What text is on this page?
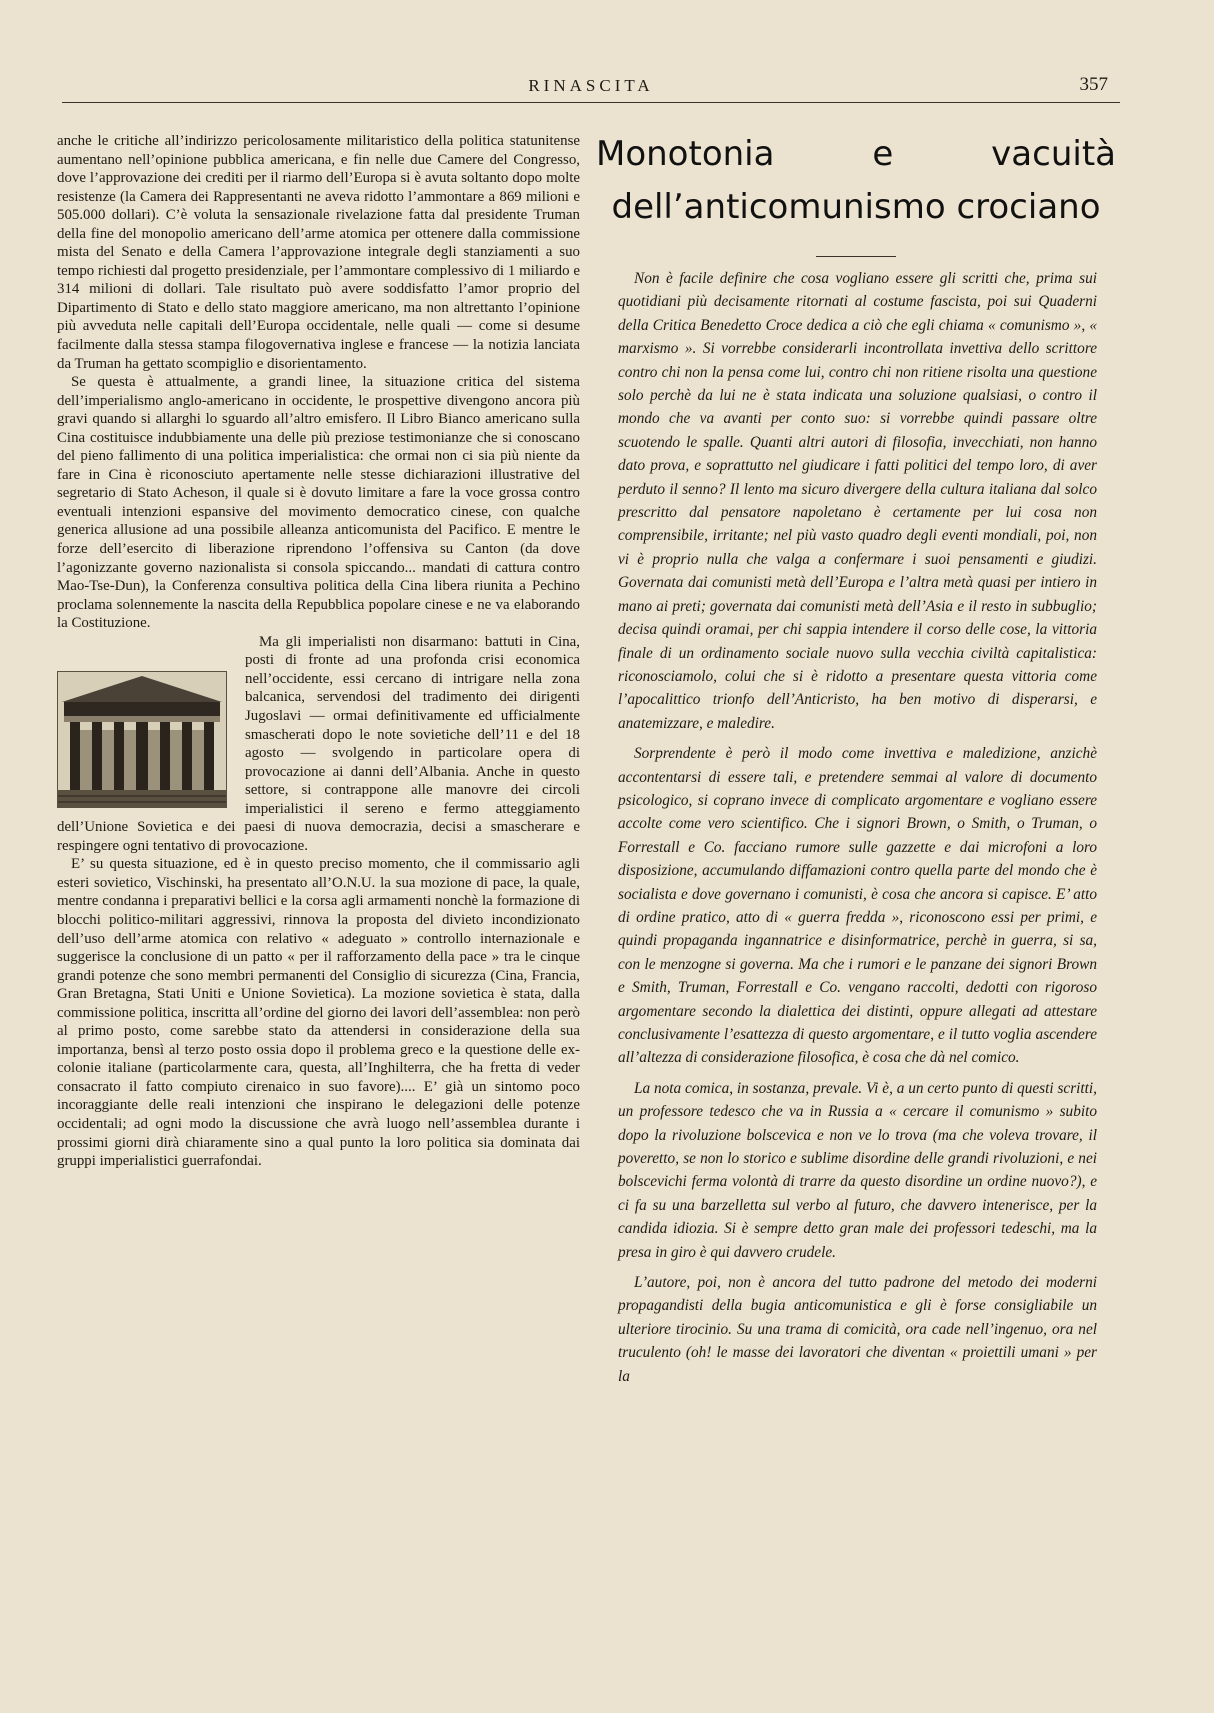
RINASCITA	357

anche le critiche all’indirizzo pericolosamente militaristico della politica statunitense aumentano nell’opinione pubblica americana, e fin nelle due Camere del Congresso, dove l’approvazione dei crediti per il riarmo dell’Europa si è avuta soltanto dopo molte resistenze (la Camera dei Rappresentanti ne aveva ridotto l’ammontare a 869 milioni e 505.000 dollari). C’è voluta la sensazionale rivelazione fatta dal presidente Truman della fine del monopolio americano dell’arme atomica per ottenere dalla commissione mista del Senato e della Camera l’approvazione integrale degli stanziamenti a suo tempo richiesti dal progetto presidenziale, per l’ammontare complessivo di 1 miliardo e 314 milioni di dollari. Tale risultato può avere soddisfatto l’amor proprio del Dipartimento di Stato e dello stato maggiore americano, ma non altrettanto l’opinione più avveduta nelle capitali dell’Europa occidentale, nelle quali — come si desume facilmente dalla stessa stampa filogovernativa inglese e francese — la notizia lanciata da Truman ha gettato scompiglio e disorientamento.

Se questa è attualmente, a grandi linee, la situazione critica del sistema dell’imperialismo anglo-americano in occidente, le prospettive divengono ancora più gravi quando si allarghi lo sguardo all’altro emisfero. Il Libro Bianco americano sulla Cina costituisce indubbiamente una delle più preziose testimonianze che si conoscano del pieno fallimento di una politica imperialistica: che ormai non ci sia più niente da fare in Cina è riconosciuto apertamente nelle stesse dichiarazioni illustrative del segretario di Stato Acheson, il quale si è dovuto limitare a fare la voce grossa contro eventuali intenzioni espansive del movimento democratico cinese, con qualche generica allusione ad una possibile alleanza anticomunista del Pacifico. E mentre le forze dell’esercito di liberazione riprendono l’offensiva su Canton (da dove l’agonizzante governo nazionalista si consola spiccando... mandati di cattura contro Mao-Tse-Dun), la Conferenza consultiva politica della Cina libera riunita a Pechino proclama solennemente la nascita della Repubblica popolare cinese e ne va elaborando la Costituzione.

Ma gli imperialisti non disarmano: battuti in Cina, posti di fronte ad una profonda crisi economica nell’occidente, essi cercano di intrigare nella zona balcanica, servendosi del tradimento dei dirigenti Jugoslavi — ormai definitivamente ed ufficialmente smascherati dopo le note sovietiche dell’11 e del 18 agosto — svolgendo in particolare opera di provocazione ai danni dell’Albania. Anche in questo settore, si contrappone alle manovre dei circoli imperialistici il sereno e fermo atteggiamento dell’Unione Sovietica e dei paesi di nuova democrazia, decisi a smascherare e respingere ogni tentativo di provocazione.

E’ su questa situazione, ed è in questo preciso momento, che il commissario agli esteri sovietico, Vischinski, ha presentato all’O.N.U. la sua mozione di pace, la quale, mentre condanna i preparativi bellici e la corsa agli armamenti nonchè la formazione di blocchi politico-militari aggressivi, rinnova la proposta del divieto incondizionato dell’uso dell’arme atomica con relativo « adeguato » controllo internazionale e suggerisce la conclusione di un patto « per il rafforzamento della pace » tra le cinque grandi potenze che sono membri permanenti del Consiglio di sicurezza (Cina, Francia, Gran Bretagna, Stati Uniti e Unione Sovietica). La mozione sovietica è stata, dalla commissione politica, inscritta all’ordine del giorno dei lavori dell’assemblea: non però al primo posto, come sarebbe stato da attendersi in considerazione della sua importanza, bensì al terzo posto ossia dopo il problema greco e la questione delle ex-colonie italiane (particolarmente cara, questa, all’Inghilterra, che ha fretta di veder consacrato il fatto compiuto cirenaico in suo favore).... E’ già un sintomo poco incoraggiante delle reali intenzioni che inspirano le delegazioni delle potenze occidentali; ad ogni modo la discussione che avrà luogo nell’assemblea durante i prossimi giorni dirà chiaramente sino a qual punto la loro politica sia dominata dai gruppi imperialistici guerrafondai.

Monotonia e vacuità dell’anticomunismo crociano

Non è facile definire che cosa vogliano essere gli scritti che, prima sui quotidiani più decisamente ritornati al costume fascista, poi sui Quaderni della Critica Benedetto Croce dedica a ciò che egli chiama « comunismo », « marxismo ». Si vorrebbe considerarli incontrollata invettiva dello scrittore contro chi non la pensa come lui, contro chi non ritiene risolta una questione solo perchè da lui ne è stata indicata una soluzione qualsiasi, o contro il mondo che va avanti per conto suo: si vorrebbe quindi passare oltre scuotendo le spalle. Quanti altri autori di filosofia, invecchiati, non hanno dato prova, e soprattutto nel giudicare i fatti politici del tempo loro, di aver perduto il senno? Il lento ma sicuro divergere della cultura italiana dal solco prescritto dal pensatore napoletano è certamente per lui cosa non comprensibile, irritante; nel più vasto quadro degli eventi mondiali, poi, non vi è proprio nulla che valga a confermare i suoi pensamenti e giudizi. Governata dai comunisti metà dell’Europa e l’altra metà quasi per intiero in mano ai preti; governata dai comunisti metà dell’Asia e il resto in subbuglio; decisa quindi oramai, per chi sappia intendere il corso delle cose, la vittoria finale di un ordinamento sociale nuovo sulla vecchia civiltà capitalistica: riconosciamolo, colui che si è ridotto a presentare questa vittoria come l’apocalittico trionfo dell’Anticristo, ha ben motivo di disperarsi, e anatemizzare, e maledire.

Sorprendente è però il modo come invettiva e maledizione, anzichè accontentarsi di essere tali, e pretendere semmai al valore di documento psicologico, si coprano invece di complicato argomentare e vogliano essere accolte come vero scientifico. Che i signori Brown, o Smith, o Truman, o Forrestall e Co. facciano rumore sulle gazzette e dai microfoni a loro disposizione, accumulando diffamazioni contro quella parte del mondo che è socialista e dove governano i comunisti, è cosa che ancora si capisce. E’ atto di ordine pratico, atto di « guerra fredda », riconoscono essi per primi, e quindi propaganda ingannatrice e disinformatrice, perchè in guerra, si sa, con le menzogne si governa. Ma che i rumori e le panzane dei signori Brown e Smith, Truman, Forrestall e Co. vengano raccolti, dedotti con rigoroso argomentare secondo la dialettica dei distinti, oppure allegati ad attestare conclusivamente l’esattezza di questo argomentare, e il tutto voglia ascendere all’altezza di considerazione filosofica, è cosa che dà nel comico.

La nota comica, in sostanza, prevale. Vi è, a un certo punto di questi scritti, un professore tedesco che va in Russia a « cercare il comunismo » subito dopo la rivoluzione bolscevica e non ve lo trova (ma che voleva trovare, il poveretto, se non lo storico e sublime disordine delle grandi rivoluzioni, e nei bolscevichi ferma volontà di trarre da questo disordine un ordine nuovo?), e ci fa su una barzelletta sul verbo al futuro, che davvero intenerisce, per la candida idiozia. Si è sempre detto gran male dei professori tedeschi, ma la presa in giro è qui davvero crudele.

L’autore, poi, non è ancora del tutto padrone del metodo dei moderni propagandisti della bugia anticomunistica e gli è forse consigliabile un ulteriore tirocinio. Su una trama di comicità, ora cade nell’ingenuo, ora nel truculento (oh! le masse dei lavoratori che diventan « proiettili umani » per la
